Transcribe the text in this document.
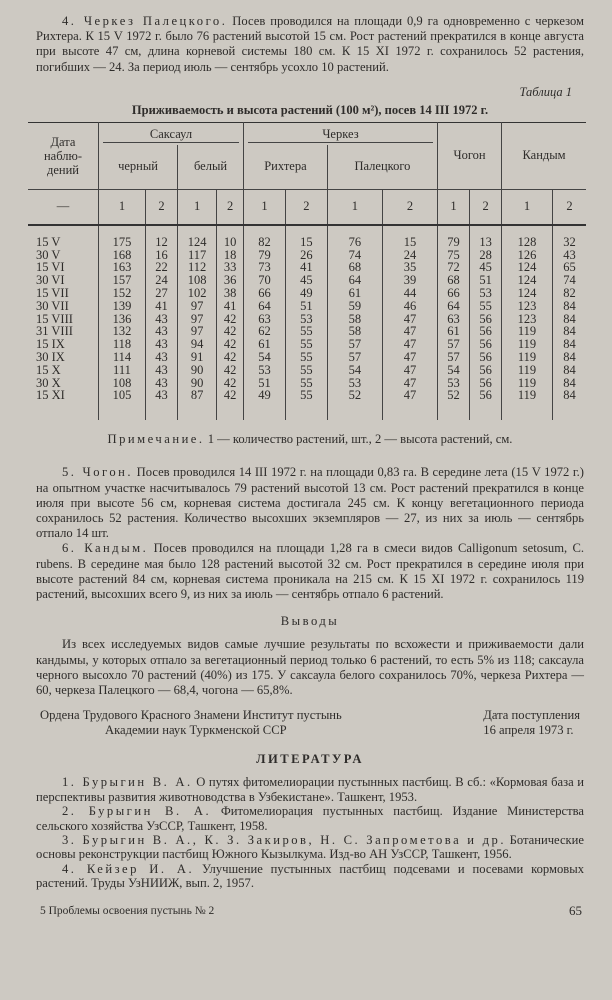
4. Черкез Палецкого. Посев проводился на площади 0,9 га одновременно с черкезом Рихтера. К 15 V 1972 г. было 76 растений высотой 15 см. Рост растений прекратился в конце августа при высоте 47 см, длина корневой системы 180 см. К 15 XI 1972 г. сохранилось 52 растения, погибших — 24. За период июль — сентябрь усохло 10 растений.
Таблица 1
Приживаемость и высота растений (100 м²), посев 14 III 1972 г.
Дата наблю-дений	Саксаул				Черкез				Чогон		Кандым	
	черный		белый		Рихтера		Палецкого					
—	1	2	1	2	1	2	1	2	1	2	1	2
15 V	175	12	124	10	82	15	76	15	79	13	128	32
30 V	168	16	117	18	79	26	74	24	75	28	126	43
15 VI	163	22	112	33	73	41	68	35	72	45	124	65
30 VI	157	24	108	36	70	45	64	39	68	51	124	74
15 VII	152	27	102	38	66	49	61	44	66	53	124	82
30 VII	139	41	97	41	64	51	59	46	64	55	123	84
15 VIII	136	43	97	42	63	53	58	47	63	56	123	84
31 VIII	132	43	97	42	62	55	58	47	61	56	119	84
15 IX	118	43	94	42	61	55	57	47	57	56	119	84
30 IX	114	43	91	42	54	55	57	47	57	56	119	84
15 X	111	43	90	42	53	55	54	47	54	56	119	84
30 X	108	43	90	42	51	55	53	47	53	56	119	84
15 XI	105	43	87	42	49	55	52	47	52	56	119	84
Примечание. 1 — количество растений, шт., 2 — высота растений, см.
5. Чогон. Посев проводился 14 III 1972 г. на площади 0,83 га. В середине лета (15 V 1972 г.) на опытном участке насчитывалось 79 растений высотой 13 см. Рост растений прекратился в конце июля при высоте 56 см, корневая система достигала 245 см. К концу вегетационного периода сохранилось 52 растения. Количество высохших экземпляров — 27, из них за июль — сентябрь отпало 14 шт.
6. Кандым. Посев проводился на площади 1,28 га в смеси видов Calligonum setosum, C. rubens. В середине мая было 128 растений высотой 32 см. Рост прекратился в середине июля при высоте растений 84 см, корневая система проникала на 215 см. К 15 XI 1972 г. сохранилось 119 растений, высохших всего 9, из них за июль — сентябрь отпало 6 растений.
Выводы
Из всех исследуемых видов самые лучшие результаты по всхожести и приживаемости дали кандымы, у которых отпало за вегетационный период только 6 растений, то есть 5% из 118; саксаула черного высохло 70 растений (40%) из 175. У саксаула белого сохранилось 70%, черкеза Рихтера — 60, черкеза Палецкого — 68,4, чогона — 65,8%.
Ордена Трудового Красного Знамени Институт пустынь
Академии наук Туркменской ССР
Дата поступления
16 апреля 1973 г.
ЛИТЕРАТУРА
1. Бурыгин В. А. О путях фитомелиорации пустынных пастбищ. В сб.: «Кормовая база и перспективы развития животноводства в Узбекистане». Ташкент, 1953.
2. Бурыгин В. А. Фитомелиорация пустынных пастбищ. Издание Министерства сельского хозяйства УзССР, Ташкент, 1958.
3. Бурыгин В. А., К. З. Закиров, Н. С. Запрометова и др. Ботанические основы реконструкции пастбищ Южного Кызылкума. Изд-во АН УзССР, Ташкент, 1956.
4. Кейзер И. А. Улучшение пустынных пастбищ подсевами и посевами кормовых растений. Труды УзНИИЖ, вып. 2, 1957.
5 Проблемы освоения пустынь № 2	65
